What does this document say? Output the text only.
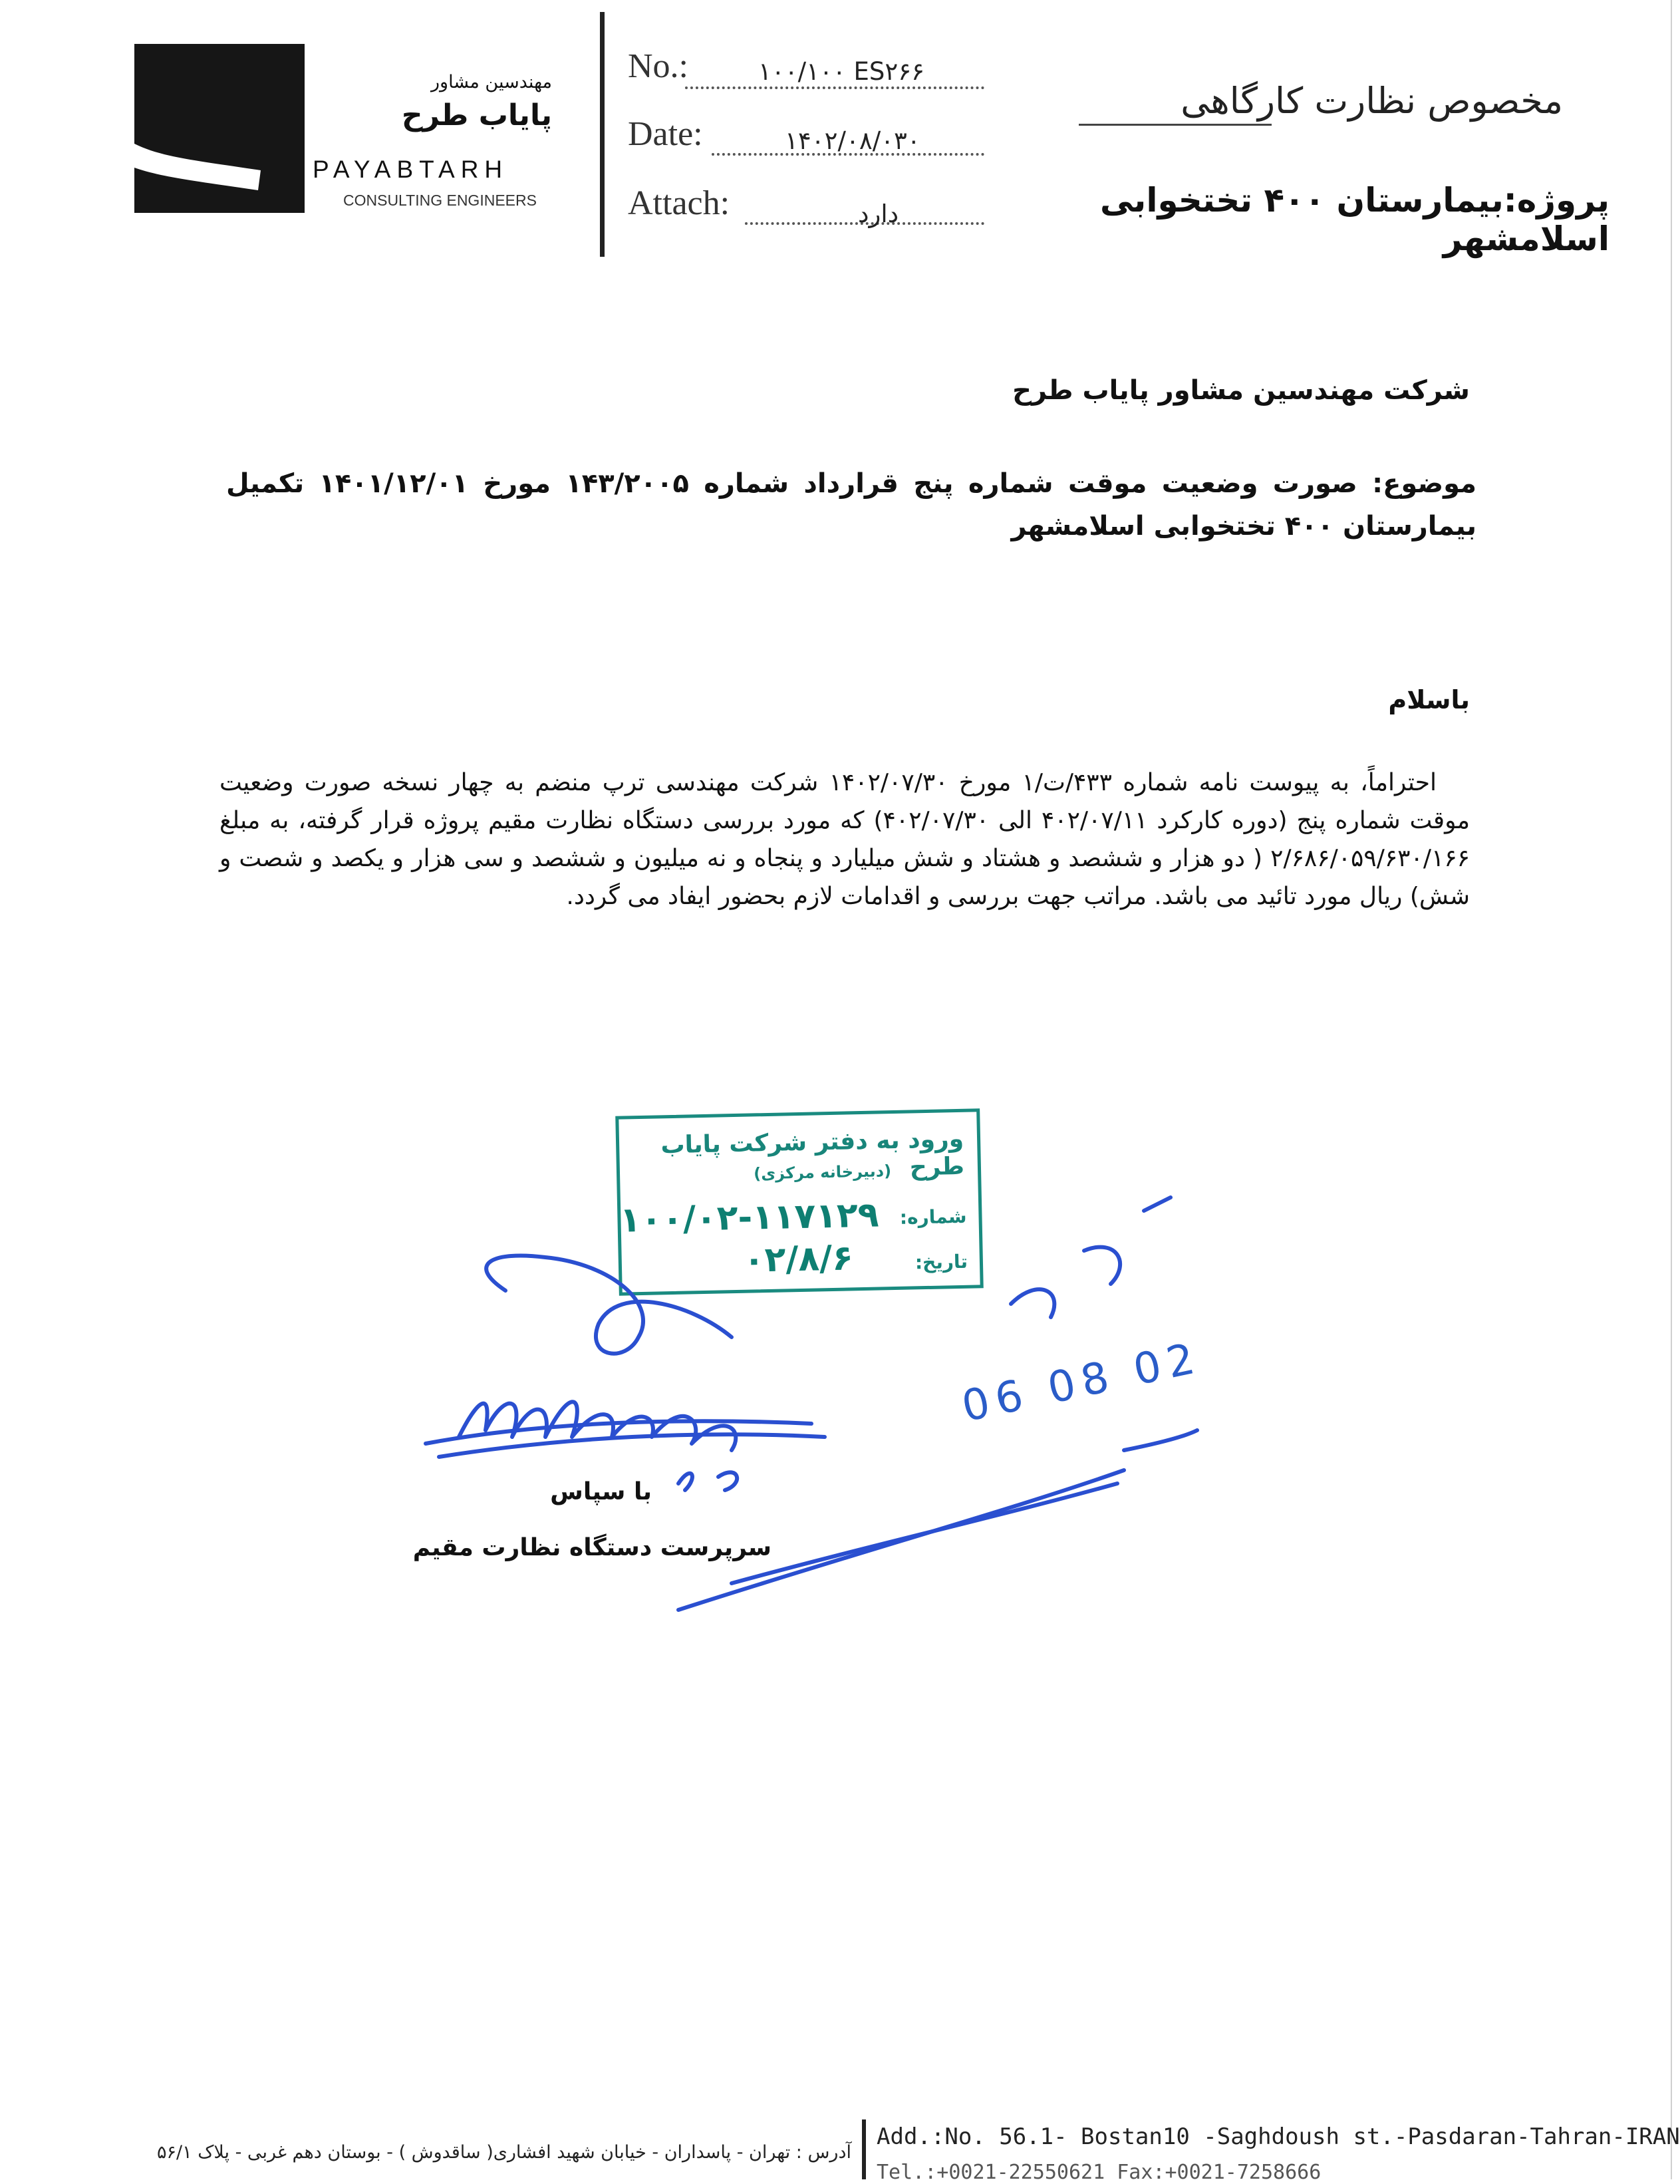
مهندسین مشاور
پایاب طرح
PAYABTARH
CONSULTING ENGINEERS
No.:	۱۰۰/۱۰۰ ES۲۶۶
Date:	۱۴۰۲/۰۸/۰۳۰
Attach:	دارد
مخصوص نظارت کارگاهی
پروژه:بیمارستان ۴۰۰ تختخوابی اسلامشهر
شرکت مهندسین مشاور پایاب طرح
موضوع: صورت وضعیت موقت شماره پنج قرارداد شماره ۱۴۳/۲۰۰۵ مورخ ۱۴۰۱/۱۲/۰۱ تکمیل بیمارستان ۴۰۰ تختخوابی اسلامشهر
باسلام
احتراماً، به پیوست نامه شماره ۴۳۳/ت/۱ مورخ ۱۴۰۲/۰۷/۳۰ شرکت مهندسی ترپ منضم به چهار نسخه صورت وضعیت موقت شماره پنج (دوره کارکرد ۴۰۲/۰۷/۱۱ الی ۴۰۲/۰۷/۳۰) که مورد بررسی دستگاه نظارت مقیم پروژه قرار گرفته، به مبلغ ۲/۶۸۶/۰۵۹/۶۳۰/۱۶۶ ( دو هزار و ششصد و هشتاد و شش میلیارد و پنجاه و نه میلیون و ششصد و سی هزار و یکصد و شصت و شش) ریال مورد تائید می باشد. مراتب جهت بررسی و اقدامات لازم بحضور ایفاد می گردد.
ورود به دفتر شرکت پایاب طرح
(دبیرخانه مرکزی)
شماره:
۱۰۰/۰۲-۱۱۷۱۲۹
تاریخ:
۰۲/۸/۶
06 08 02
با سپاس
سرپرست دستگاه نظارت مقیم
آدرس : تهران - پاسداران - خیابان شهید افشاری( ساقدوش ) - بوستان دهم غربی - پلاک ۵۶/۱
Add.:No. 56.1- Bostan10 -Saghdoush st.-Pasdaran-Tahran-IRAN
Tel.:+0021-22550621 Fax:+0021-7258666
